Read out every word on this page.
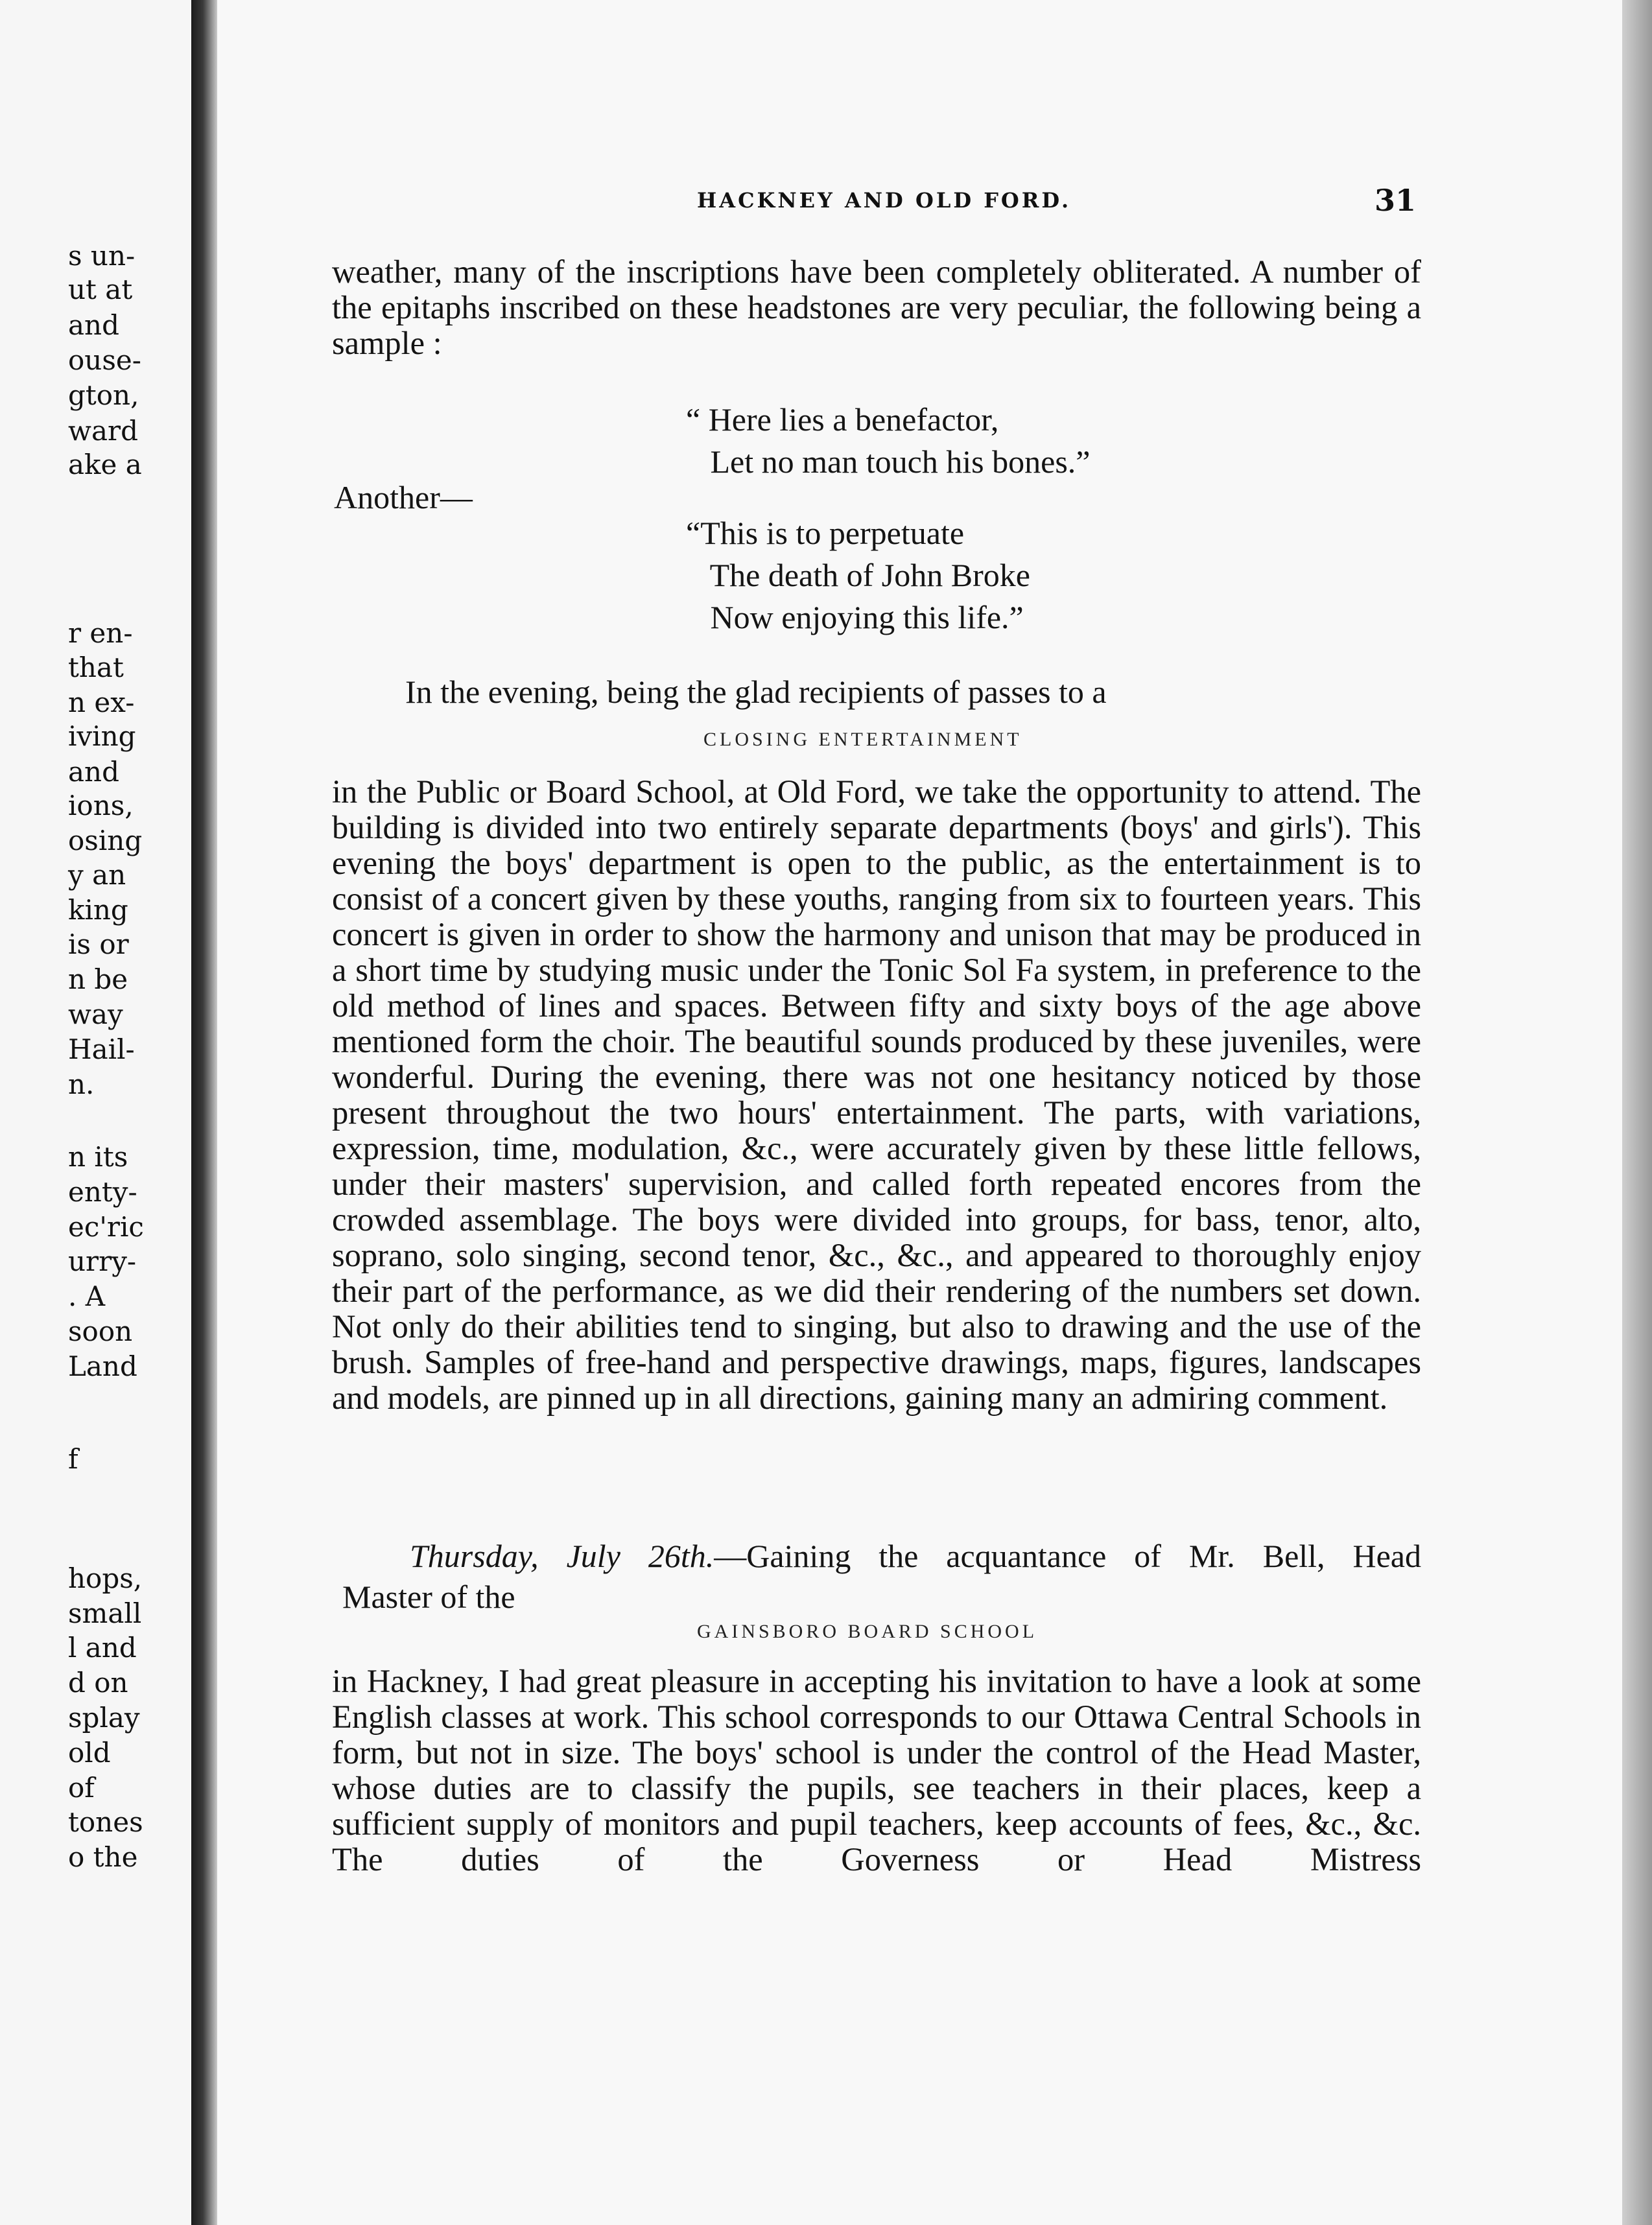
s un-

ut at

and

ouse-

gton,

ward

ake a

r en-

that

n ex-

iving

and

ions,

osing

y an

king

is or

n be

way

Hail-

n.

n its

enty-

ec'ric

urry-

. A

soon

Land

f

hops,

small

l and

d on

splay

old

of

tones

o the

HACKNEY AND OLD FORD.	31

weather, many of the inscriptions have been completely obliterated. A number of the epitaphs inscribed on these headstones are very peculiar, the following being a sample :

“ Here lies a benefactor,
Let no man touch his bones.”

Another—

“This is to perpetuate
The death of John Broke
Now enjoying this life.”

In the evening, being the glad recipients of passes to a

CLOSING ENTERTAINMENT

in the Public or Board School, at Old Ford, we take the opportunity to attend. The building is divided into two entirely separate departments (boys' and girls'). This evening the boys' department is open to the public, as the entertainment is to consist of a concert given by these youths, ranging from six to fourteen years. This concert is given in order to show the harmony and unison that may be produced in a short time by studying music under the Tonic Sol Fa system, in preference to the old method of lines and spaces. Between fifty and sixty boys of the age above mentioned form the choir. The beautiful sounds produced by these juveniles, were wonderful. During the evening, there was not one hesitancy noticed by those present throughout the two hours' entertainment. The parts, with variations, expression, time, modulation, &c., were accurately given by these little fellows, under their masters' supervision, and called forth repeated encores from the crowded assemblage. The boys were divided into groups, for bass, tenor, alto, soprano, solo singing, second tenor, &c., &c., and appeared to thoroughly enjoy their part of the performance, as we did their rendering of the numbers set down. Not only do their abilities tend to singing, but also to drawing and the use of the brush. Samples of free-hand and perspective drawings, maps, figures, landscapes and models, are pinned up in all directions, gaining many an admiring comment.

Thursday, July 26th.—Gaining the acquantance of Mr. Bell, Head

Master of the

GAINSBORO BOARD SCHOOL

in Hackney, I had great pleasure in accepting his invitation to have a look at some English classes at work. This school corresponds to our Ottawa Central Schools in form, but not in size. The boys' school is under the control of the Head Master, whose duties are to classify the pupils, see teachers in their places, keep a sufficient supply of monitors and pupil teachers, keep accounts of fees, &c., &c. The duties of the Governess or Head Mistress
